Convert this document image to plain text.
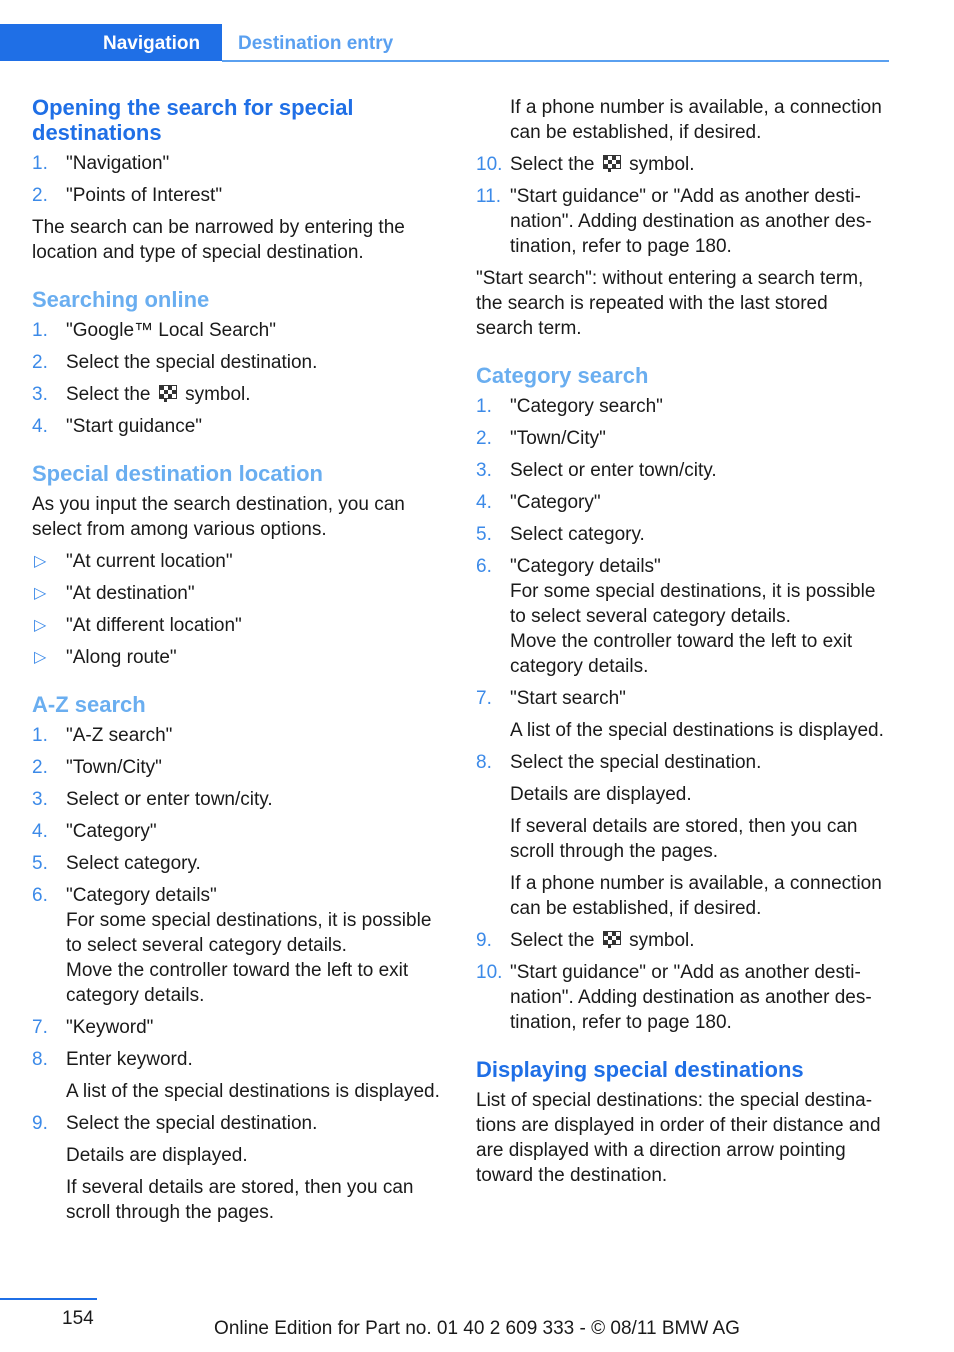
Navigation Destination entry
Opening the search for special destinations
1. "Navigation"
2. "Points of Interest"

The search can be narrowed by entering the location and type of special destination.

Searching online
1. "Google™ Local Search"
2. Select the special destination.
3. Select the symbol.
4. "Start guidance"
Special destination location

As you input the search destination, you can select from among various options.

▷ "At current location"
▷ "At destination"
▷ "At different location"
▷ "Along route"
A-Z search
1. "A-Z search"
2. "Town/City"
3. Select or enter town/city.
4. "Category"
5. Select category.
6. "Category details"
For some special destinations, it is possible to select several category details.
Move the controller toward the left to exit category details.
7. "Keyword"
8. Enter keyword.
A list of the special destinations is displayed.
9. Select the special destination.
Details are displayed.
If several details are stored, then you can scroll through the pages.
If a phone number is available, a connection can be established, if desired.
10. Select the symbol.
11. "Start guidance" or "Add as another destination". Adding destination as another destination, refer to page 180.

"Start search": without entering a search term, the search is repeated with the last stored search term.

Category search
1. "Category search"
2. "Town/City"
3. Select or enter town/city.
4. "Category"
5. Select category.
6. "Category details"
For some special destinations, it is possible to select several category details.
Move the controller toward the left to exit category details.
7. "Start search"
A list of the special destinations is displayed.
8. Select the special destination.
Details are displayed.
If several details are stored, then you can scroll through the pages.
If a phone number is available, a connection can be established, if desired.
9. Select the symbol.
10. "Start guidance" or "Add as another destination". Adding destination as another destination, refer to page 180.
Displaying special destinations

List of special destinations: the special destinations are displayed in order of their distance and are displayed with a direction arrow pointing toward the destination.

154	Online Edition for Part no. 01 40 2 609 333 - © 08/11 BMW AG
